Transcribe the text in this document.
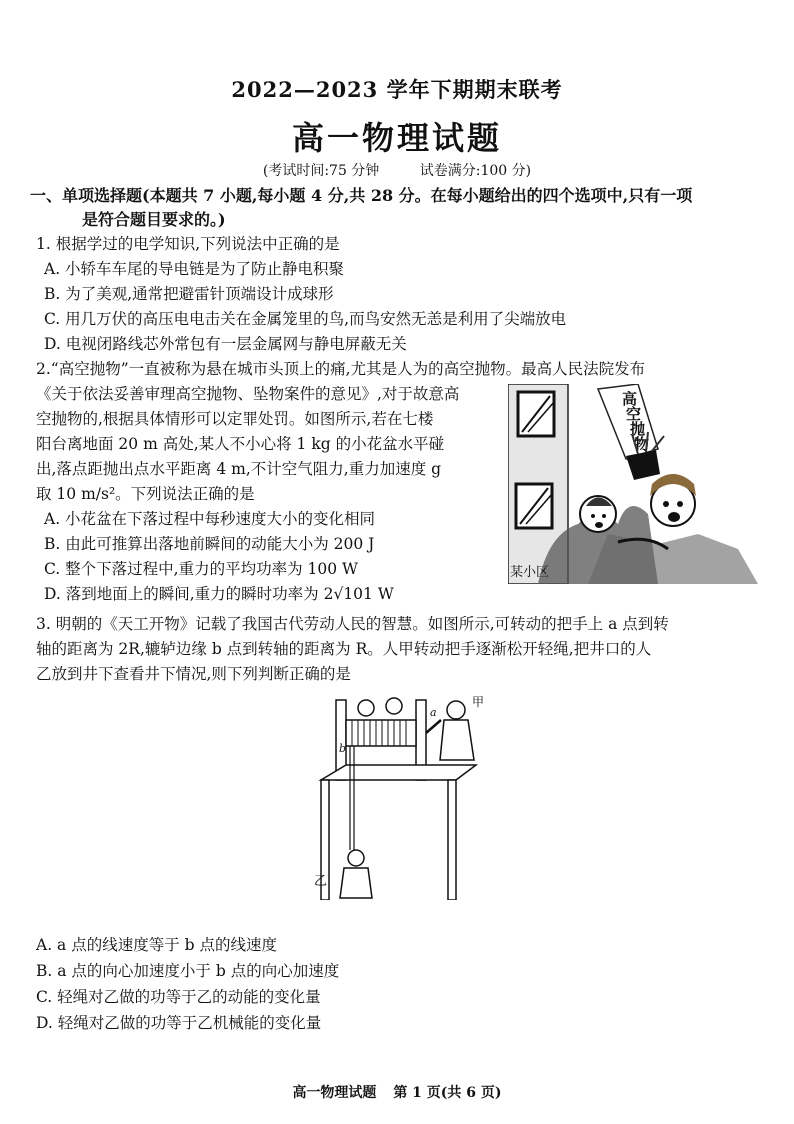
2022—2023 学年下期期末联考
高一物理试题
(考试时间:75 分钟	试卷满分:100 分)
一、单项选择题(本题共 7 小题,每小题 4 分,共 28 分。在每小题给出的四个选项中,只有一项
是符合题目要求的。)
1. 根据学过的电学知识,下列说法中正确的是
A. 小轿车车尾的导电链是为了防止静电积聚
B. 为了美观,通常把避雷针顶端设计成球形
C. 用几万伏的高压电电击关在金属笼里的鸟,而鸟安然无恙是利用了尖端放电
D. 电视闭路线芯外常包有一层金属网与静电屏蔽无关
2.“高空抛物”一直被称为悬在城市头顶上的痛,尤其是人为的高空抛物。最高人民法院发布
《关于依法妥善审理高空抛物、坠物案件的意见》,对于故意高
空抛物的,根据具体情形可以定罪处罚。如图所示,若在七楼
阳台离地面 20 m 高处,某人不小心将 1 kg 的小花盆水平碰
出,落点距抛出点水平距离 4 m,不计空气阻力,重力加速度 g
取 10 m/s²。下列说法正确的是
A. 小花盆在下落过程中每秒速度大小的变化相同
B. 由此可推算出落地前瞬间的动能大小为 200 J
C. 整个下落过程中,重力的平均功率为 100 W
D. 落到地面上的瞬间,重力的瞬时功率为 2√101 W
高空抛物
某小区
3. 明朝的《天工开物》记载了我国古代劳动人民的智慧。如图所示,可转动的把手上 a 点到转
轴的距离为 2R,辘轳边缘 b 点到转轴的距离为 R。人甲转动把手逐渐松开轻绳,把井口的人
乙放到井下查看井下情况,则下列判断正确的是
a
b
甲
乙
A. a 点的线速度等于 b 点的线速度
B. a 点的向心加速度小于 b 点的向心加速度
C. 轻绳对乙做的功等于乙的动能的变化量
D. 轻绳对乙做的功等于乙机械能的变化量
高一物理试题 第 1 页(共 6 页)
